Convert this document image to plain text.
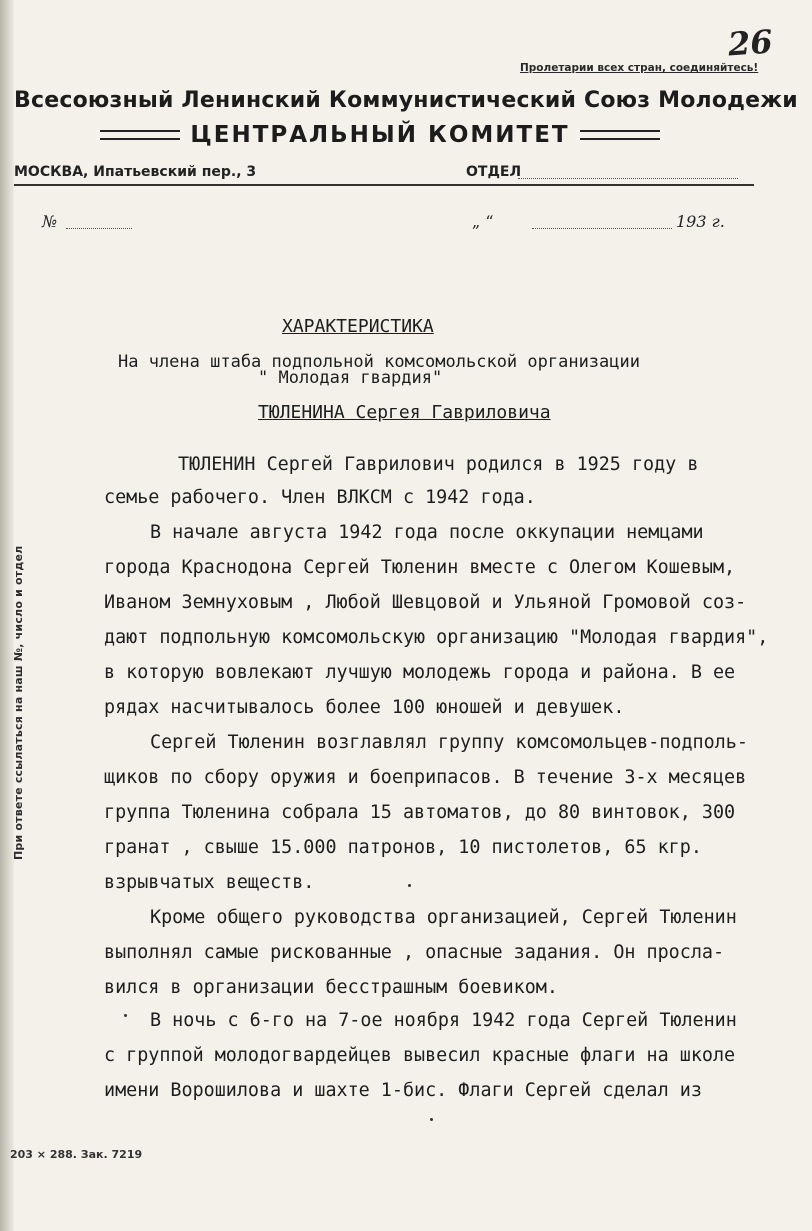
При ответе ссылаться на наш №, число и отдел
26
Пролетарии всех стран, соединяйтесь!
Всесоюзный Ленинский Коммунистический Союз Молодежи
ЦЕНТРАЛЬНЫЙ КОМИТЕТ
МОСКВА, Ипатьевский пер., 3	ОТДЕЛ
№	„ “	193 г.
ХАРАКТЕРИСТИКА
На члена штаба подпольной комсомольской организации
" Молодая гвардия"
ТЮЛЕНИНА Сергея Гавриловича
ТЮЛЕНИН Сергей Гаврилович родился в 1925 году в
семье рабочего. Член ВЛКСМ с 1942 года.
В начале августа 1942 года после оккупации немцами
города Краснодона Сергей Тюленин вместе с Олегом Кошевым,
Иваном Земнуховым , Любой Шевцовой и Ульяной Громовой соз-
дают подпольную комсомольскую организацию "Молодая гвардия",
в которую вовлекают лучшую молодежь города и района. В ее
рядах насчитывалось более 100 юношей и девушек.
Сергей Тюленин возглавлял группу комсомольцев-подполь-
щиков по сбору оружия и боеприпасов. В течение 3-х месяцев
группа Тюленина собрала 15 автоматов, до 80 винтовок, 300
гранат , свыше 15.000 патронов, 10 пистолетов, 65 кгр.
взрывчатых веществ.
Кроме общего руководства организацией, Сергей Тюленин
выполнял самые рискованные , опасные задания. Он просла-
вился в организации бесстрашным боевиком.
В ночь с 6-го на 7-ое ноября 1942 года Сергей Тюленин
с группой молодогвардейцев вывесил красные флаги на школе
имени Ворошилова и шахте 1-бис. Флаги Сергей сделал из
203 × 288. Зак. 7219
